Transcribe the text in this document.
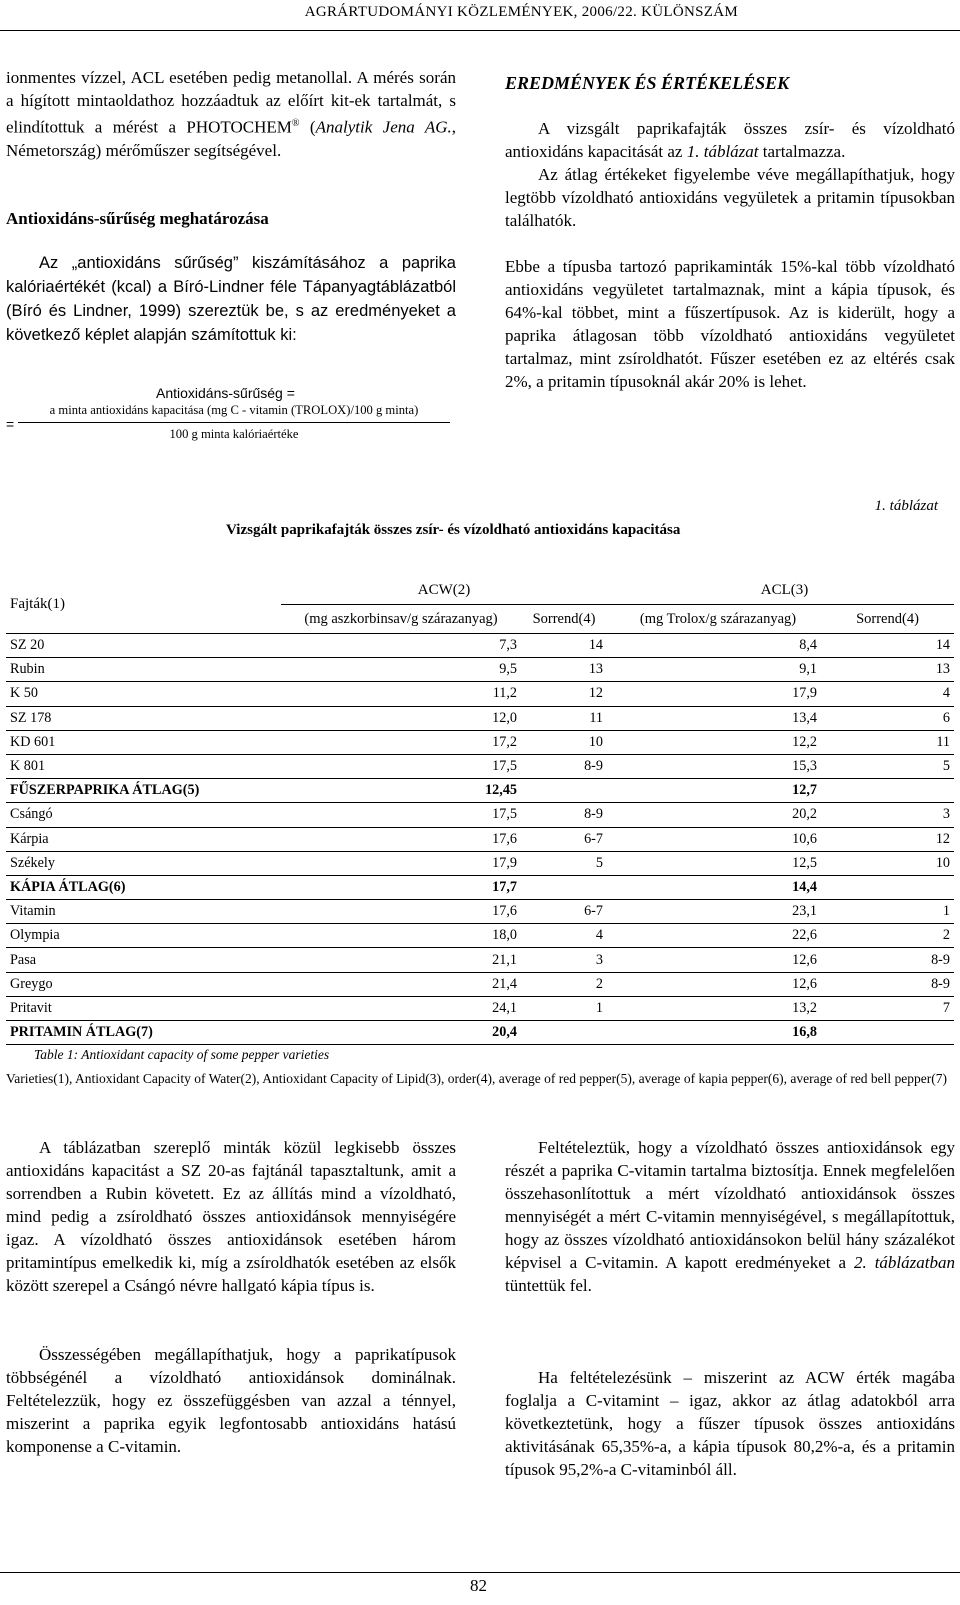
AGRÁRTUDOMÁNYI KÖZLEMÉNYEK, 2006/22. KÜLÖNSZÁM

ionmentes vízzel, ACL esetében pedig metanollal. A mérés során a hígított mintaoldathoz hozzáadtuk az előírt kit-ek tartalmát, s elindítottuk a mérést a PHOTOCHEM® (Analytik Jena AG., Németország) mérőműszer segítségével.

Antioxidáns-sűrűség meghatározása
Az „antioxidáns sűrűség” kiszámításához a paprika kalóriaértékét (kcal) a Bíró-Lindner féle Tápanyagtáblázatból (Bíró és Lindner, 1999) szereztük be, s az eredményeket a következő képlet alapján számítottuk ki:
Antioxidáns-sűrűség =
=
a minta antioxidáns kapacitása (mg C - vitamin (TROLOX)/100 g minta)
100 g minta kalóriaértéke
EREDMÉNYEK ÉS ÉRTÉKELÉSEK
A vizsgált paprikafajták összes zsír- és vízoldható antioxidáns kapacitását az 1. táblázat tartalmazza.
Az átlag értékeket figyelembe véve megállapíthatjuk, hogy legtöbb vízoldható antioxidáns vegyületek a pritamin típusokban találhatók.
Ebbe a típusba tartozó paprikaminták 15%-kal több vízoldható antioxidáns vegyületet tartalmaznak, mint a kápia típusok, és 64%-kal többet, mint a fűszertípusok. Az is kiderült, hogy a paprika átlagosan több vízoldható antioxidáns vegyületet tartalmaz, mint zsíroldhatót. Fűszer esetében ez az eltérés csak 2%, a pritamin típusoknál akár 20% is lehet.
1. táblázat
Vizsgált paprikafajták összes zsír- és vízoldható antioxidáns kapacitása
Fajták(1)		ACW(2)			ACL(3)	
		(mg aszkorbinsav/g szárazanyag)	Sorrend(4)		(mg Trolox/g szárazanyag)	Sorrend(4)
SZ 20		7,3	14		8,4	14
Rubin		9,5	13		9,1	13
K 50		11,2	12		17,9	4
SZ 178		12,0	11		13,4	6
KD 601		17,2	10		12,2	11
K 801		17,5	8-9		15,3	5
FŰSZERPAPRIKA ÁTLAG(5)		12,45			12,7	
Csángó		17,5	8-9		20,2	3
Kárpia		17,6	6-7		10,6	12
Székely		17,9	5		12,5	10
KÁPIA ÁTLAG(6)		17,7			14,4	
Vitamin		17,6	6-7		23,1	1
Olympia		18,0	4		22,6	2
Pasa		21,1	3		12,6	8-9
Greygo		21,4	2		12,6	8-9
Pritavit		24,1	1		13,2	7
PRITAMIN ÁTLAG(7)		20,4			16,8	
Table 1: Antioxidant capacity of some pepper varieties
Varieties(1), Antioxidant Capacity of Water(2), Antioxidant Capacity of Lipid(3), order(4), average of red pepper(5), average of kapia pepper(6), average of red bell pepper(7)
A táblázatban szereplő minták közül legkisebb összes antioxidáns kapacitást a SZ 20-as fajtánál tapasztaltunk, amit a sorrendben a Rubin követett. Ez az állítás mind a vízoldható, mind pedig a zsíroldható összes antioxidánsok mennyiségére igaz. A vízoldható összes antioxidánsok esetében három pritamintípus emelkedik ki, míg a zsíroldhatók esetében az elsők között szerepel a Csángó névre hallgató kápia típus is.
Összességében megállapíthatjuk, hogy a paprikatípusok többségénél a vízoldható antioxidánsok dominálnak. Feltételezzük, hogy ez összefüggésben van azzal a ténnyel, miszerint a paprika egyik legfontosabb antioxidáns hatású komponense a C-vitamin.
Feltételeztük, hogy a vízoldható összes antioxidánsok egy részét a paprika C-vitamin tartalma biztosítja. Ennek megfelelően összehasonlítottuk a mért vízoldható antioxidánsok összes mennyiségét a mért C-vitamin mennyiségével, s megállapítottuk, hogy az összes vízoldható antioxidánsokon belül hány százalékot képvisel a C-vitamin. A kapott eredményeket a 2. táblázatban tüntettük fel.
Ha feltételezésünk – miszerint az ACW érték magába foglalja a C-vitamint – igaz, akkor az átlag adatokból arra következtetünk, hogy a fűszer típusok összes antioxidáns aktivitásának 65,35%-a, a kápia típusok 80,2%-a, és a pritamin típusok 95,2%-a C-vitaminból áll.
82
